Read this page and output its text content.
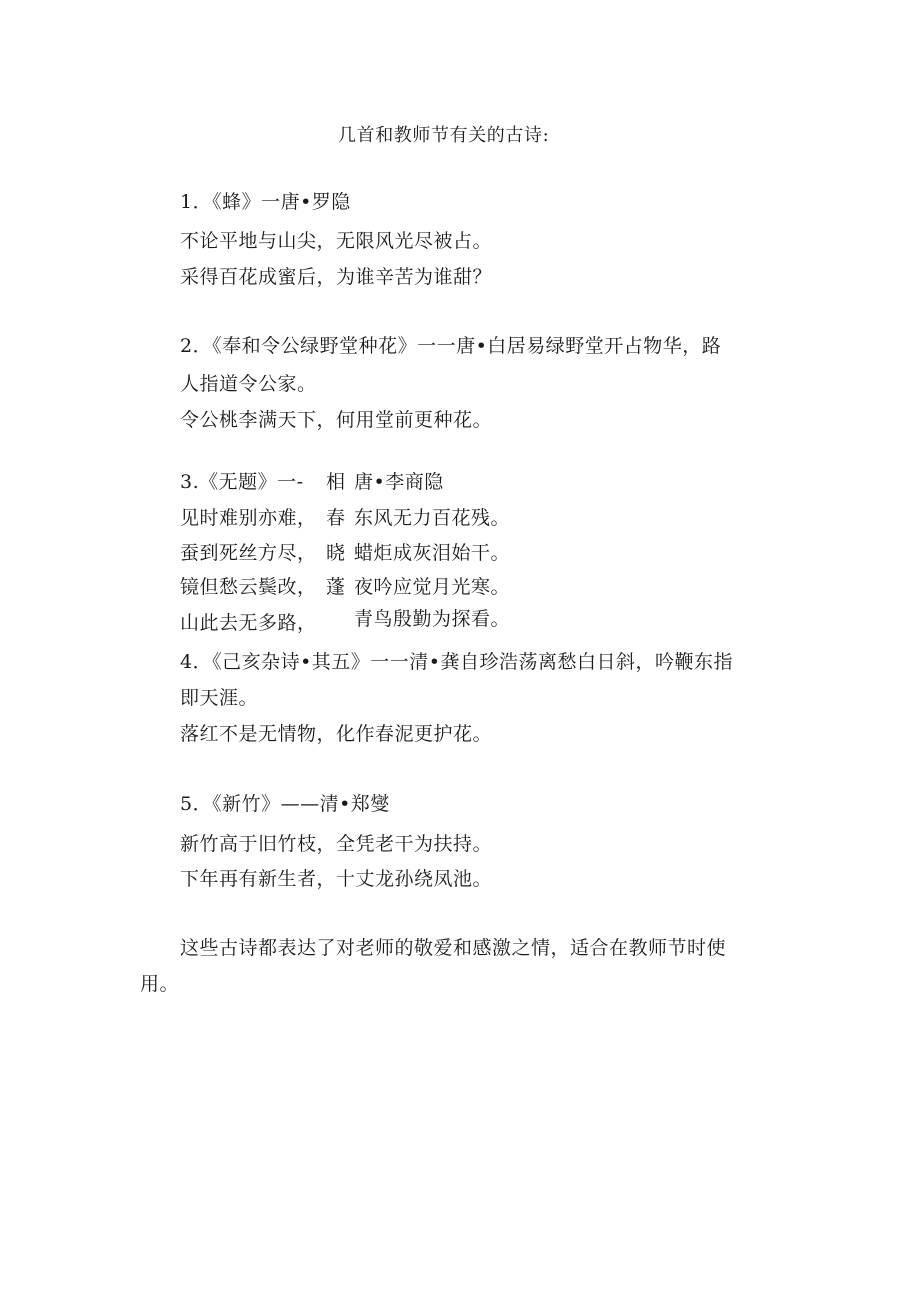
几首和教师节有关的古诗:
1．《蜂》一唐•罗隐
不论平地与山尖，无限风光尽被占。
采得百花成蜜后，为谁辛苦为谁甜？
2．《奉和令公绿野堂种花》一一唐•白居易绿野堂开占物华，路
人指道令公家。
令公桃李满天下，何用堂前更种花。
3.《无题》一-
见时难别亦难，
蚕到死丝方尽，
镜但愁云鬓改，
山此去无多路，
相
春
晓
蓬
唐•李商隐
东风无力百花残。
蜡炬成灰泪始干。
夜吟应觉月光寒。
青鸟殷勤为探看。
4．《己亥杂诗•其五》一一清•龚自珍浩荡离愁白日斜，吟鞭东指
即天涯。
落红不是无情物，化作春泥更护花。
5．《新竹》——清•郑燮
新竹高于旧竹枝，全凭老干为扶持。
下年再有新生者，十丈龙孙绕凤池。
这些古诗都表达了对老师的敬爱和感激之情，适合在教师节时使
用。
